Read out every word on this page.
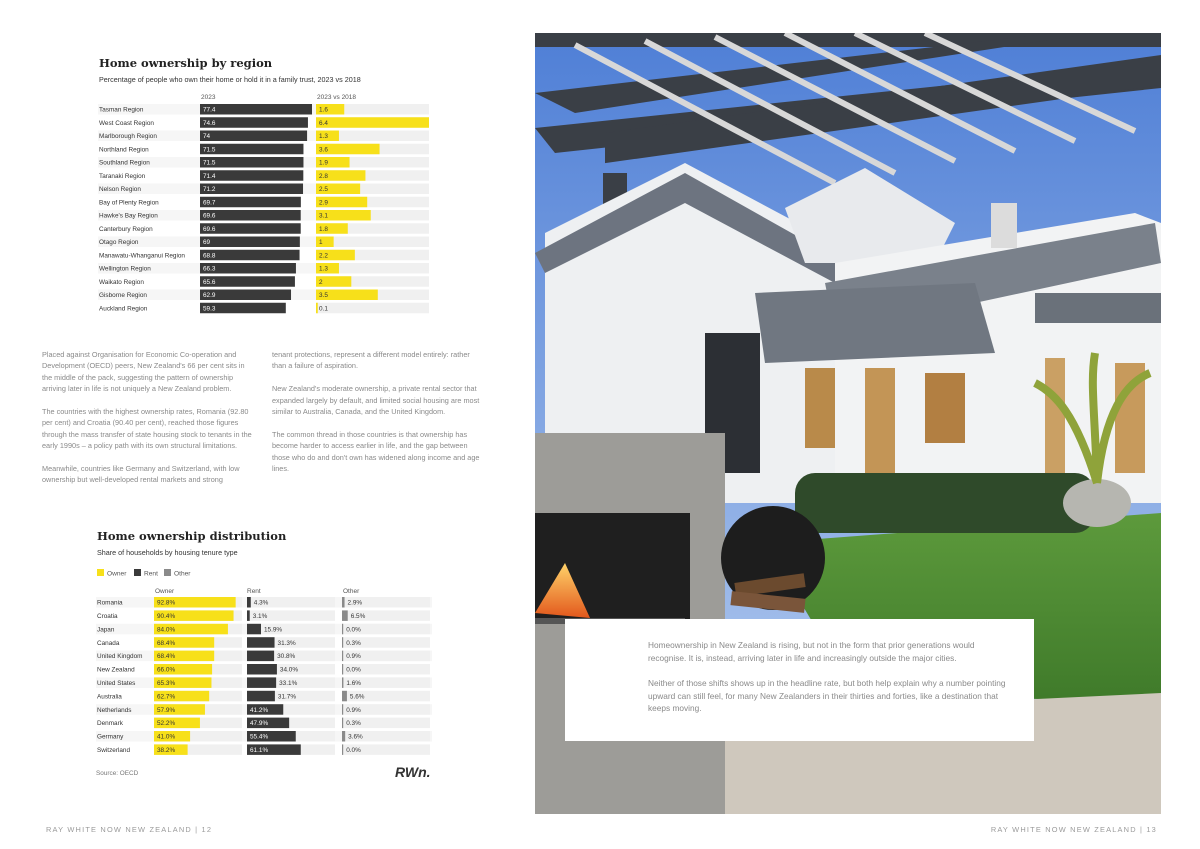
Home ownership by region
Percentage of people who own their home or hold it in a family trust, 2023 vs 2018
2023	2023 vs 2018
Tasman Region	77.4	1.6
West Coast Region	74.6	6.4
Marlborough Region	74	1.3
Northland Region	71.5	3.6
Southland Region	71.5	1.9
Taranaki Region	71.4	2.8
Nelson Region	71.2	2.5
Bay of Plenty Region	69.7	2.9
Hawke's Bay Region	69.6	3.1
Canterbury Region	69.6	1.8
Otago Region	69	1
Manawatu-Whanganui Region	68.8	2.2
Wellington Region	66.3	1.3
Waikato Region	65.6	2
Gisborne Region	62.9	3.5
Auckland Region	59.3	0.1

Placed against Organisation for Economic Co-operation and Development (OECD) peers, New Zealand's 66 per cent sits in the middle of the pack, suggesting the pattern of ownership arriving later in life is not uniquely a New Zealand problem.

The countries with the highest ownership rates, Romania (92.80 per cent) and Croatia (90.40 per cent), reached those figures through the mass transfer of state housing stock to tenants in the early 1990s – a policy path with its own structural limitations.

Meanwhile, countries like Germany and Switzerland, with low ownership but well-developed rental markets and strong

tenant protections, represent a different model entirely: rather than a failure of aspiration.

New Zealand's moderate ownership, a private rental sector that expanded largely by default, and limited social housing are most similar to Australia, Canada, and the United Kingdom.

The common thread in those countries is that ownership has become harder to access earlier in life, and the gap between those who do and don't own has widened along income and age lines.

Home ownership distribution
Share of households by housing tenure type
Owner	Rent Other
Owner	Rent	Other
Romania	92.8%	4.3%	2.9%
Croatia	90.4%	3.1%	6.5%
Japan	84.0%	15.9%	0.0%
Canada	68.4%	31.3%	0.3%
United Kingdom 68.4%	30.8%	0.9%
New Zealand	66.0%	34.0%	0.0%
United States	65.3%	33.1%	1.6%
Australia	62.7%	31.7%	5.6%
Netherlands	57.9%	41.2%	0.9%
Denmark	52.2%	47.9%	0.3%
Germany	41.0%	55.4%	3.6%
Switzerland	38.2%	61.1%	0.0%
Source: OECD	RWn.

Homeownership in New Zealand is rising, but not in the form that prior generations would recognise. It is, instead, arriving later in life and increasingly outside the major cities.

Neither of those shifts shows up in the headline rate, but both help explain why a number pointing upward can still feel, for many New Zealanders in their thirties and forties, like a destination that keeps moving.

RAY WHITE NOW NEW ZEALAND | 12	RAY WHITE NOW NEW ZEALAND | 13
